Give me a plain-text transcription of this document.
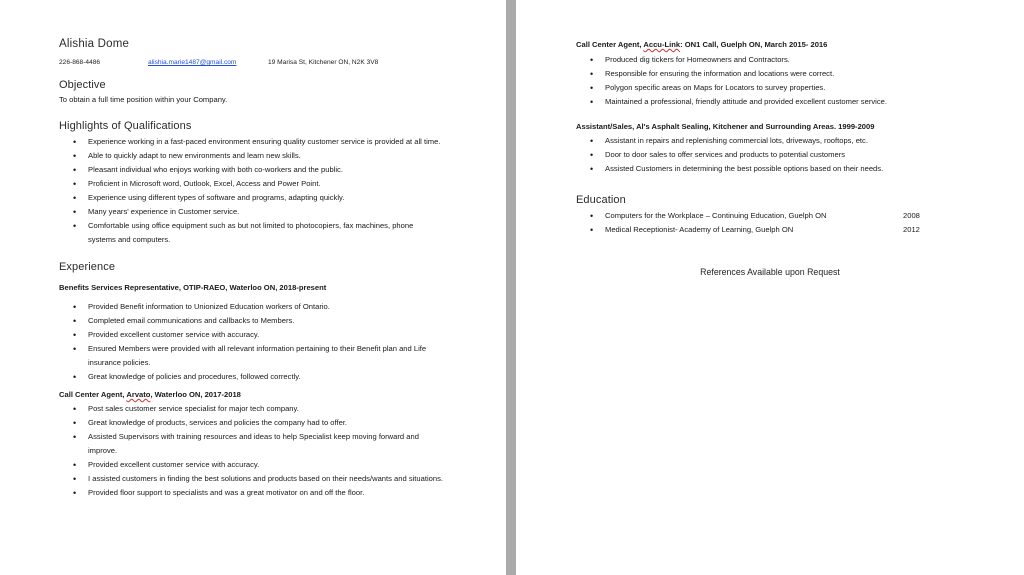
Alishia Dome
226-868-4486	alishia.marie1487@gmail.com	19 Marisa St, Kitchener ON, N2K 3V8
Objective

To obtain a full time position within your Company.

Highlights of Qualifications
• Experience working in a fast-paced environment ensuring quality customer service is provided at all time.
• Able to quickly adapt to new environments and learn new skills.
• Pleasant individual who enjoys working with both co-workers and the public.
• Proficient in Microsoft word, Outlook, Excel, Access and Power Point.
• Experience using different types of software and programs, adapting quickly.
• Many years' experience in Customer service.
• Comfortable using office equipment such as but not limited to photocopiers, fax machines, phone systems and computers.
Experience
Benefits Services Representative, OTIP-RAEO, Waterloo ON, 2018-present
• Provided Benefit information to Unionized Education workers of Ontario.
• Completed email communications and callbacks to Members.
• Provided excellent customer service with accuracy.
• Ensured Members were provided with all relevant information pertaining to their Benefit plan and Life insurance policies.
• Great knowledge of policies and procedures, followed correctly.
Call Center Agent, Arvato, Waterloo ON, 2017-2018
• Post sales customer service specialist for major tech company.
• Great knowledge of products, services and policies the company had to offer.
• Assisted Supervisors with training resources and ideas to help Specialist keep moving forward and improve.
• Provided excellent customer service with accuracy.
• I assisted customers in finding the best solutions and products based on their needs/wants and situations.
• Provided floor support to specialists and was a great motivator on and off the floor.
Call Center Agent, Accu-Link: ON1 Call, Guelph ON, March 2015- 2016
• Produced dig tickers for Homeowners and Contractors.
• Responsible for ensuring the information and locations were correct.
• Polygon specific areas on Maps for Locators to survey properties.
• Maintained a professional, friendly attitude and provided excellent customer service.
Assistant/Sales, Al's Asphalt Sealing, Kitchener and Surrounding Areas. 1999-2009
• Assistant in repairs and replenishing commercial lots, driveways, rooftops, etc.
• Door to door sales to offer services and products to potential customers
• Assisted Customers in determining the best possible options based on their needs.
Education
• Computers for the Workplace – Continuing Education, Guelph ON	2008
• Medical Receptionist- Academy of Learning, Guelph ON	2012
References Available upon Request
